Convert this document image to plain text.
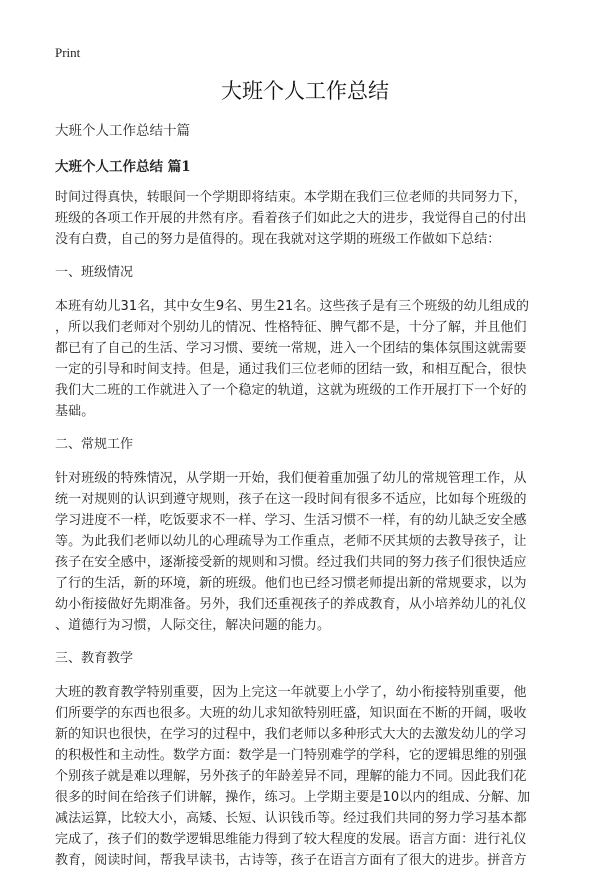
Print
大班个人工作总结
大班个人工作总结十篇
大班个人工作总结 篇1
时间过得真快，转眼间一个学期即将结束。本学期在我们三位老师的共同努力下，
班级的各项工作开展的井然有序。看着孩子们如此之大的进步，我觉得自己的付出
没有白费，自己的努力是值得的。现在我就对这学期的班级工作做如下总结：
一、班级情况
本班有幼儿31名，其中女生9名、男生21名。这些孩子是有三个班级的幼儿组成的
，所以我们老师对个别幼儿的情况、性格特征、脾气都不是，十分了解，并且他们
都已有了自己的生活、学习习惯、要统一常规，进入一个团结的集体氛围这就需要
一定的引导和时间支持。但是，通过我们三位老师的团结一致，和相互配合，很快
我们大二班的工作就进入了一个稳定的轨道，这就为班级的工作开展打下一个好的
基础。
二、常规工作
针对班级的特殊情况，从学期一开始，我们便着重加强了幼儿的常规管理工作，从
统一对规则的认识到遵守规则，孩子在这一段时间有很多不适应，比如每个班级的
学习进度不一样，吃饭要求不一样、学习、生活习惯不一样，有的幼儿缺乏安全感
等。为此我们老师以幼儿的心理疏导为工作重点，老师不厌其烦的去教导孩子，让
孩子在安全感中，逐渐接受新的规则和习惯。经过我们共同的努力孩子们很快适应
了行的生活，新的环境，新的班级。他们也已经习惯老师提出新的常规要求，以为
幼小衔接做好先期准备。另外，我们还重视孩子的养成教育，从小培养幼儿的礼仪
、道德行为习惯，人际交往，解决问题的能力。
三、教育教学
大班的教育教学特别重要，因为上完这一年就要上小学了，幼小衔接特别重要，他
们所要学的东西也很多。大班的幼儿求知欲特别旺盛，知识面在不断的开阔，吸收
新的知识也很快，在学习的过程中，我们老师以多种形式大大的去激发幼儿的学习
的积极性和主动性。数学方面：数学是一门特别难学的学科，它的逻辑思维的别强
个别孩子就是难以理解，另外孩子的年龄差异不同，理解的能力不同。因此我们花
很多的时间在给孩子们讲解，操作，练习。上学期主要是10以内的组成、分解、加
减法运算，比较大小，高矮、长短、认识钱币等。经过我们共同的努力学习基本都
完成了，孩子们的数学逻辑思维能力得到了较大程度的发展。语言方面：进行礼仪
教育，阅读时间，帮我早读书，古诗等，孩子在语言方面有了很大的进步。拼音方
